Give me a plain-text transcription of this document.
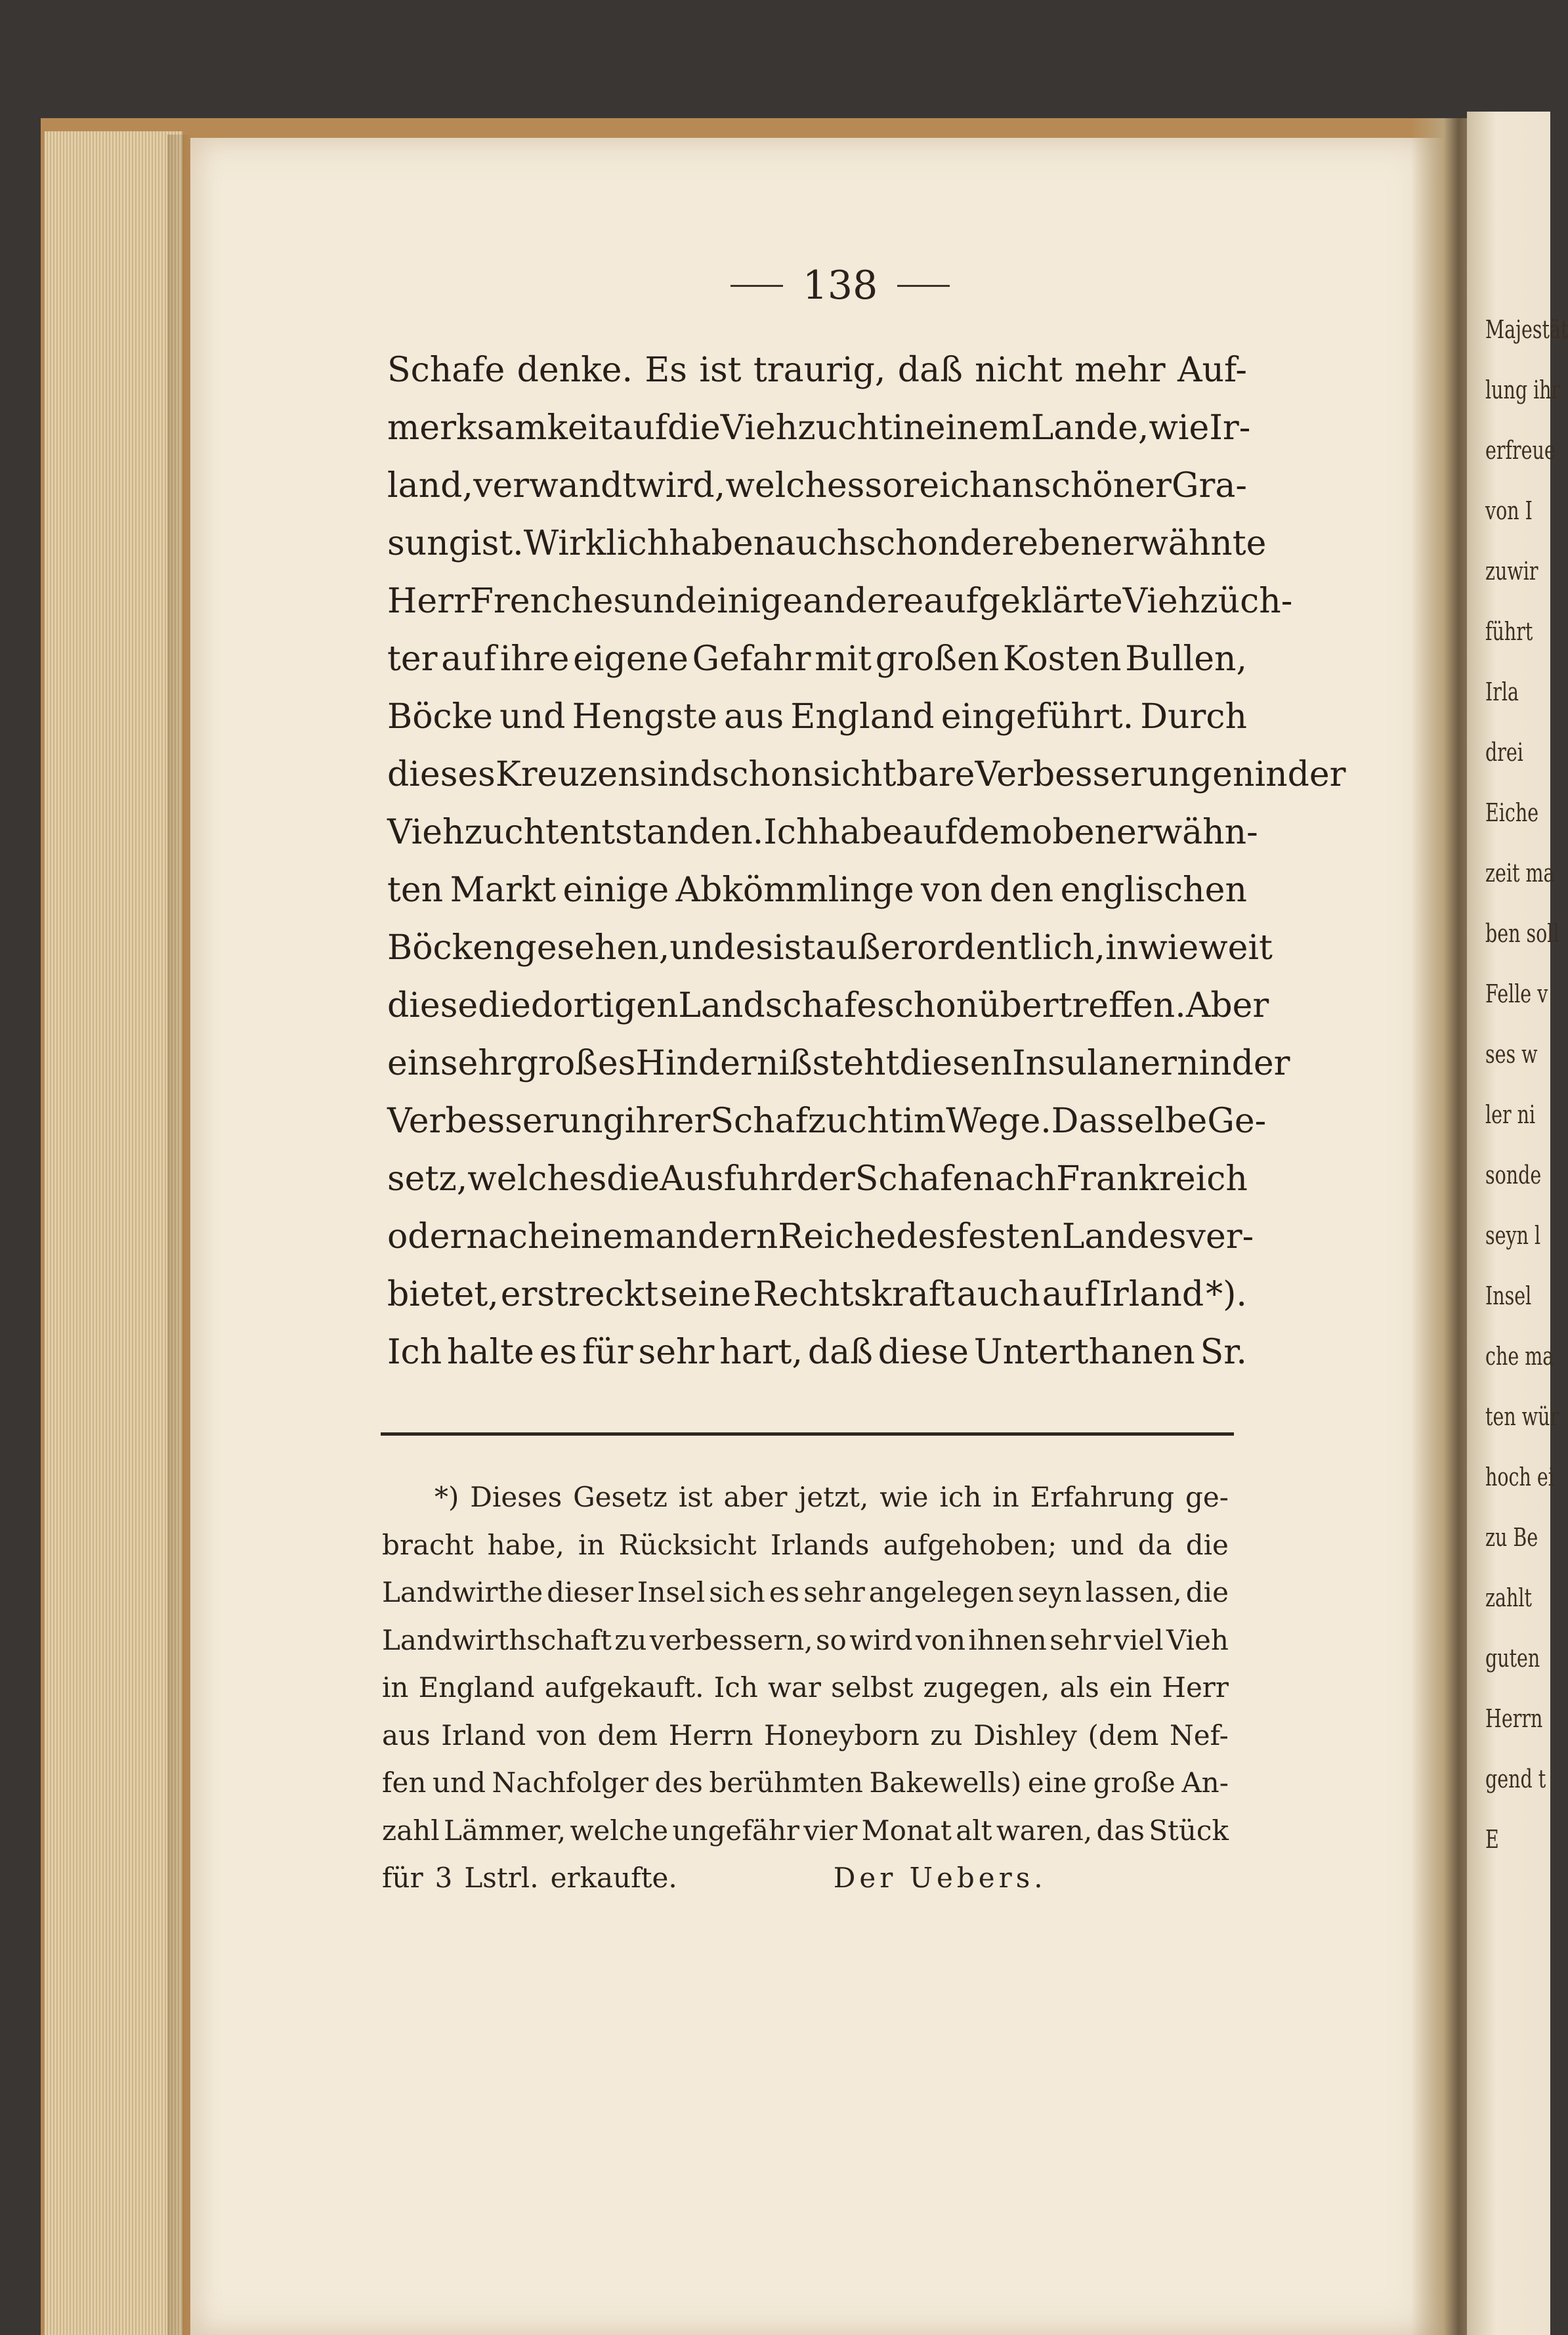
Majestät
lung ihr
erfreue
von I
zuwir
führt
Irla
drei
Eiche
zeit ma
ben soll
Felle v
ses w
ler ni
sonde
seyn l
Insel
che ma
ten wür
hoch ei
zu Be
zahlt
guten
Herrn
gend t
E
138
Schafe denke. Es ist traurig, daß nicht mehr Auf-
merksamkeit auf die Viehzucht in einem Lande, wie Ir-
land, verwandt wird, welches so reich an schöner Gra-
sung ist. Wirklich haben auch schon der eben erwähnte
Herr Frenches und einige andere aufgeklärte Viehzüch-
ter auf ihre eigene Gefahr mit großen Kosten Bullen,
Böcke und Hengste aus England eingeführt. Durch
dieses Kreuzen sind schon sichtbare Verbesserungen in der
Viehzucht entstanden. Ich habe auf dem oben erwähn-
ten Markt einige Abkömmlinge von den englischen
Böcken gesehen, und es ist außerordentlich, in wie weit
diese die dortigen Landschafe schon übertreffen. Aber
ein sehr großes Hinderniß steht diesen Insulanern in der
Verbesserung ihrer Schafzucht im Wege. Dasselbe Ge-
setz, welches die Ausfuhr der Schafe nach Frankreich
oder nach einem andern Reiche des festen Landes ver-
bietet, erstreckt seine Rechtskraft auch auf Irland *).
Ich halte es für sehr hart, daß diese Unterthanen Sr.
*) Dieses Gesetz ist aber jetzt, wie ich in Erfahrung ge-
bracht habe, in Rücksicht Irlands aufgehoben; und da die
Landwirthe dieser Insel sich es sehr angelegen seyn lassen, die
Landwirthschaft zu verbessern, so wird von ihnen sehr viel Vieh
in England aufgekauft. Ich war selbst zugegen, als ein Herr
aus Irland von dem Herrn Honeyborn zu Dishley (dem Nef-
fen und Nachfolger des berühmten Bakewells) eine große An-
zahl Lämmer, welche ungefähr vier Monat alt waren, das Stück
für 3 Lstrl. erkaufte.	Der Uebers.
